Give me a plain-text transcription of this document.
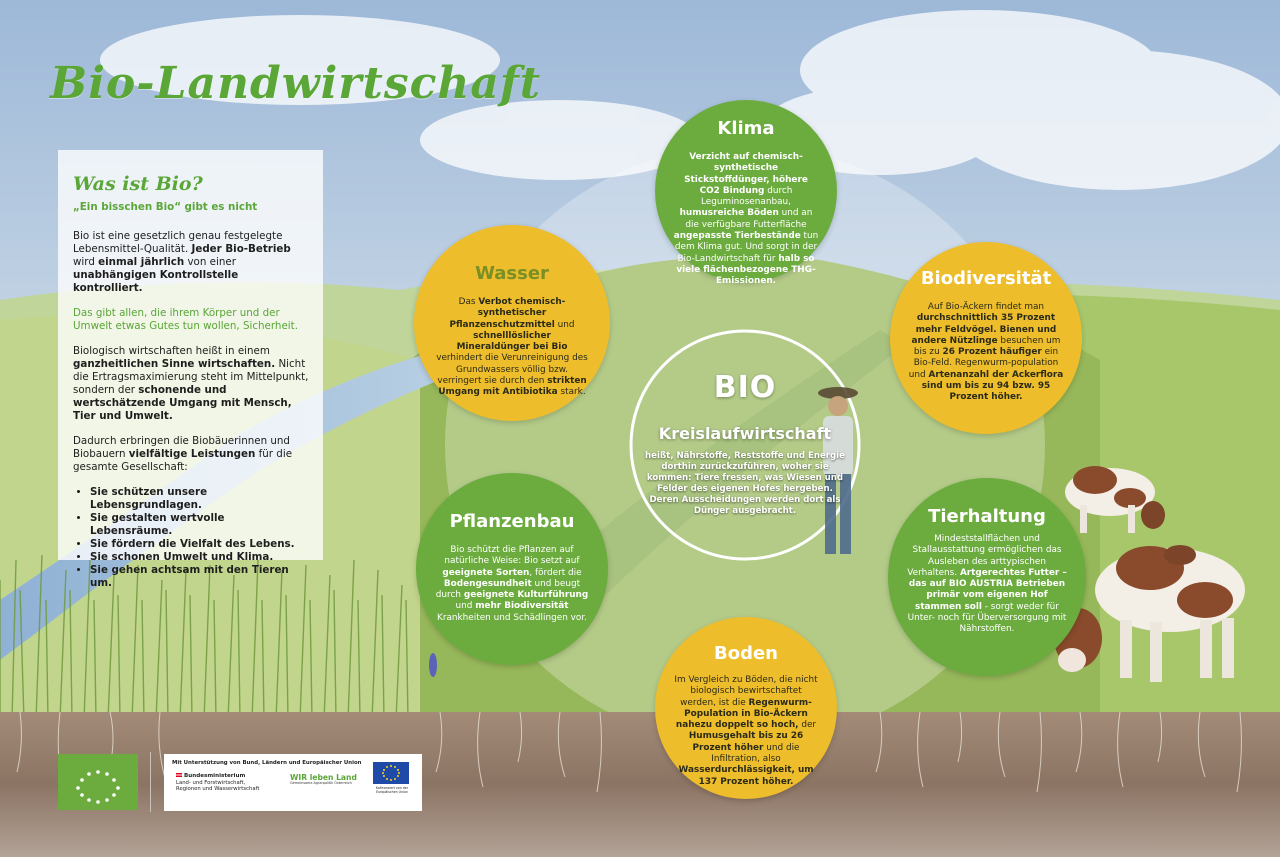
Bio-Landwirtschaft
Was ist Bio?

„Ein bisschen Bio“ gibt es nicht

Bio ist eine gesetzlich genau festgelegte Lebensmittel-Qualität. Jeder Bio-Betrieb wird einmal jährlich von einer unabhängigen Kontrollstelle kontrolliert.

Das gibt allen, die ihrem Körper und der Umwelt etwas Gutes tun wollen, Sicherheit.

Biologisch wirtschaften heißt in einem ganzheitlichen Sinne wirtschaften. Nicht die Ertragsmaximierung steht im Mittelpunkt, sondern der schonende und wertschätzende Umgang mit Mensch, Tier und Umwelt.

Dadurch erbringen die Biobäuerinnen und Biobauern vielfältige Leistungen für die gesamte Gesellschaft:

• Sie schützen unsere Lebensgrundlagen.
• Sie gestalten wertvolle Lebensräume.
• Sie fördern die Vielfalt des Lebens.
• Sie schonen Umwelt und Klima.
• Sie gehen achtsam mit den Tieren um.
Klima
Verzicht auf chemisch-synthetische Stickstoffdünger, höhere CO2 Bindung durch Leguminosenanbau, humusreiche Böden und an die verfügbare Futterfläche angepasste Tierbestände tun dem Klima gut. Und sorgt in der Bio-Landwirtschaft für halb so viele flächenbezogene THG-Emissionen.
Wasser
Das Verbot chemisch-synthetischer Pflanzenschutzmittel und schnelllöslicher Mineraldünger bei Bio verhindert die Verunreinigung des Grundwassers völlig bzw. verringert sie durch den strikten Umgang mit Antibiotika stark.
Biodiversität
Auf Bio-Äckern findet man durchschnittlich 35 Prozent mehr Feldvögel. Bienen und andere Nützlinge besuchen um bis zu 26 Prozent häufiger ein Bio-Feld. Regenwurm-population und Artenanzahl der Ackerflora sind um bis zu 94 bzw. 95 Prozent höher.
Pflanzenbau
Bio schützt die Pflanzen auf natürliche Weise: Bio setzt auf geeignete Sorten, fördert die Bodengesundheit und beugt durch geeignete Kulturführung und mehr Biodiversität Krankheiten und Schädlingen vor.
Tierhaltung
Mindeststallflächen und Stallausstattung ermöglichen das Ausleben des arttypischen Verhaltens. Artgerechtes Futter – das auf BIO AUSTRIA Betrieben primär vom eigenen Hof stammen soll - sorgt weder für Unter- noch für Überversorgung mit Nährstoffen.
Boden
Im Vergleich zu Böden, die nicht biologisch bewirtschaftet werden, ist die Regenwurm-Population in Bio-Äckern nahezu doppelt so hoch, der Humusgehalt bis zu 26 Prozent höher und die Infiltration, also Wasserdurchlässigkeit, um 137 Prozent höher.
BIO
Kreislaufwirtschaft

heißt, Nährstoffe, Reststoffe und Energie dorthin zurückzuführen, woher sie kommen: Tiere fressen, was Wiesen und Felder des eigenen Hofes hergeben. Deren Ausscheidungen werden dort als Dünger ausgebracht.

Mit Unterstützung von Bund, Ländern und Europäischer Union
Bundesministerium
Land- und Forstwirtschaft,
Regionen und Wasserwirtschaft
WIR leben Land
Gemeinsame Agrarpolitik Österreich
Kofinanziert von der Europäischen Union
